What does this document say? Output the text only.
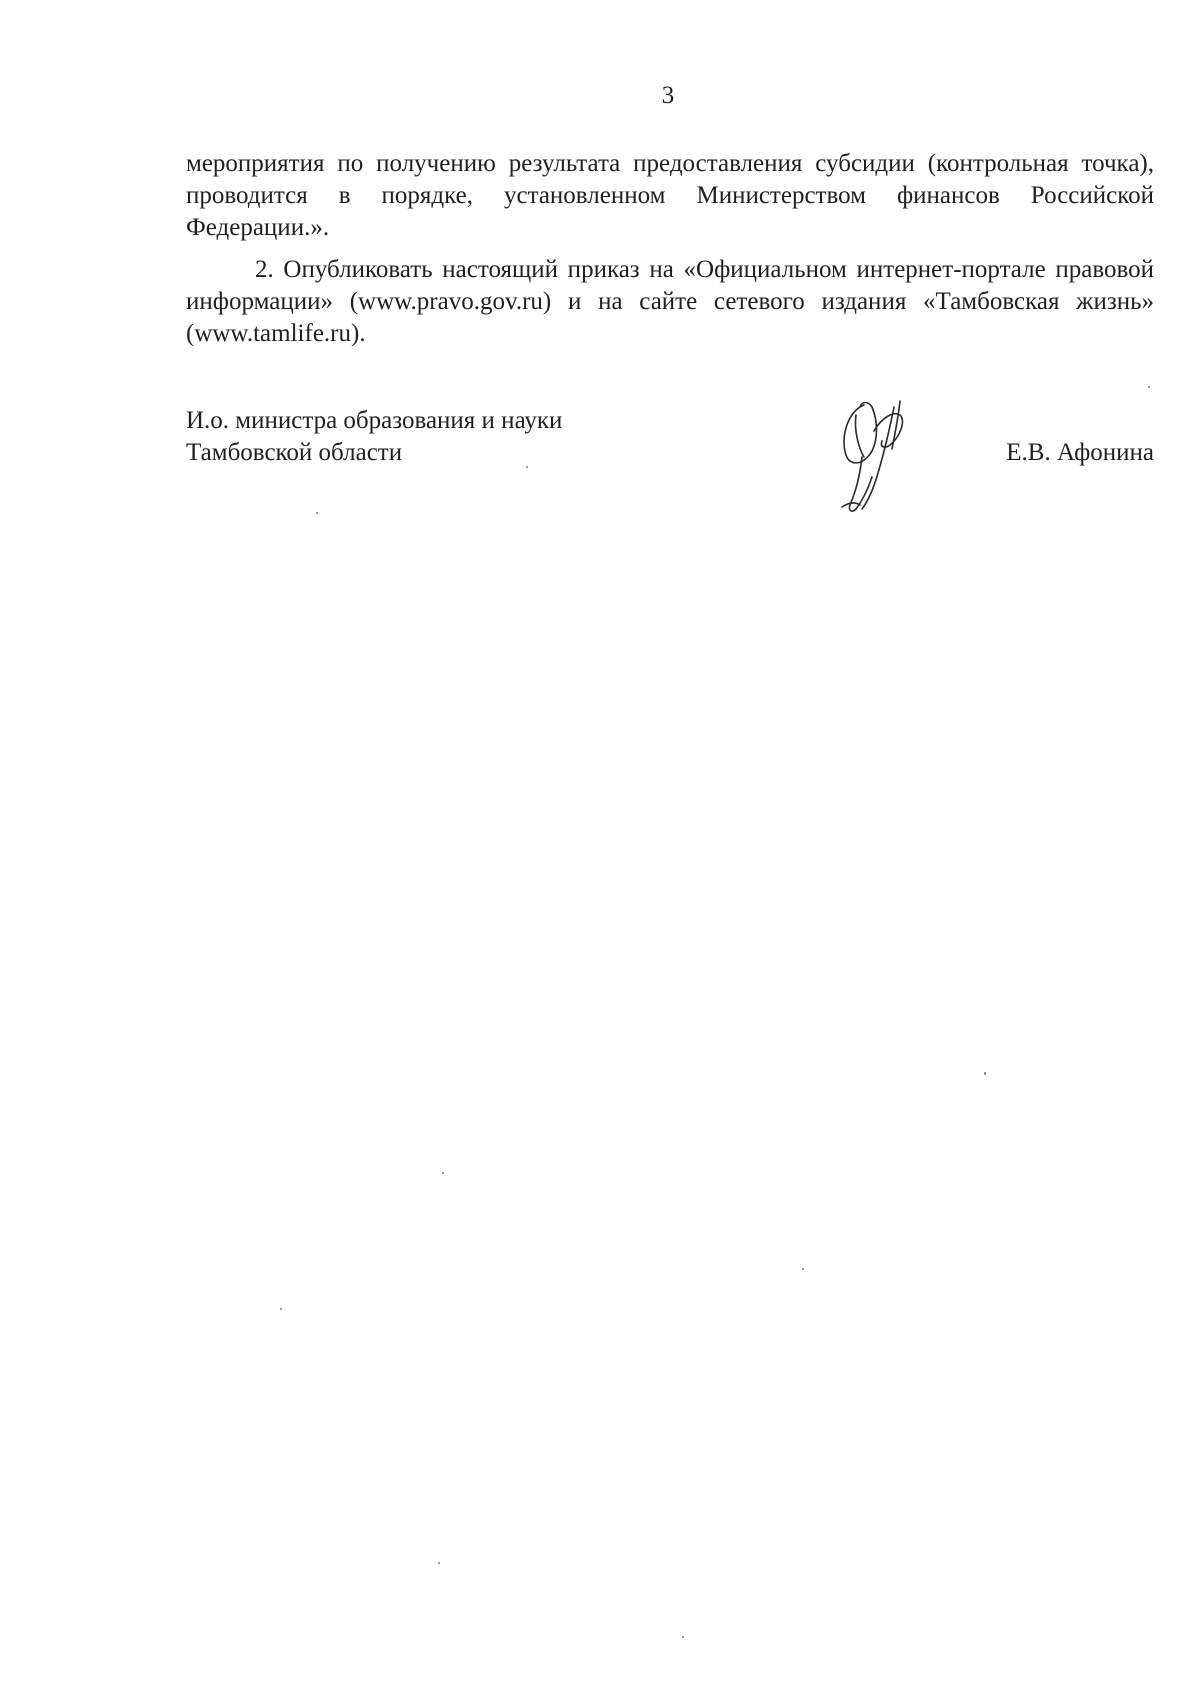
3

мероприятия по получению результата предоставления субсидии (контрольная точка), проводится в порядке, установленном Министерством финансов Российской Федерации.».

2. Опубликовать настоящий приказ на «Официальном интернет-портале правовой информации» (www.pravo.gov.ru) и на сайте сетевого издания «Тамбовская жизнь» (www.tamlife.ru).

И.о. министра образования и науки
Тамбовской области	Е.В. Афонина
